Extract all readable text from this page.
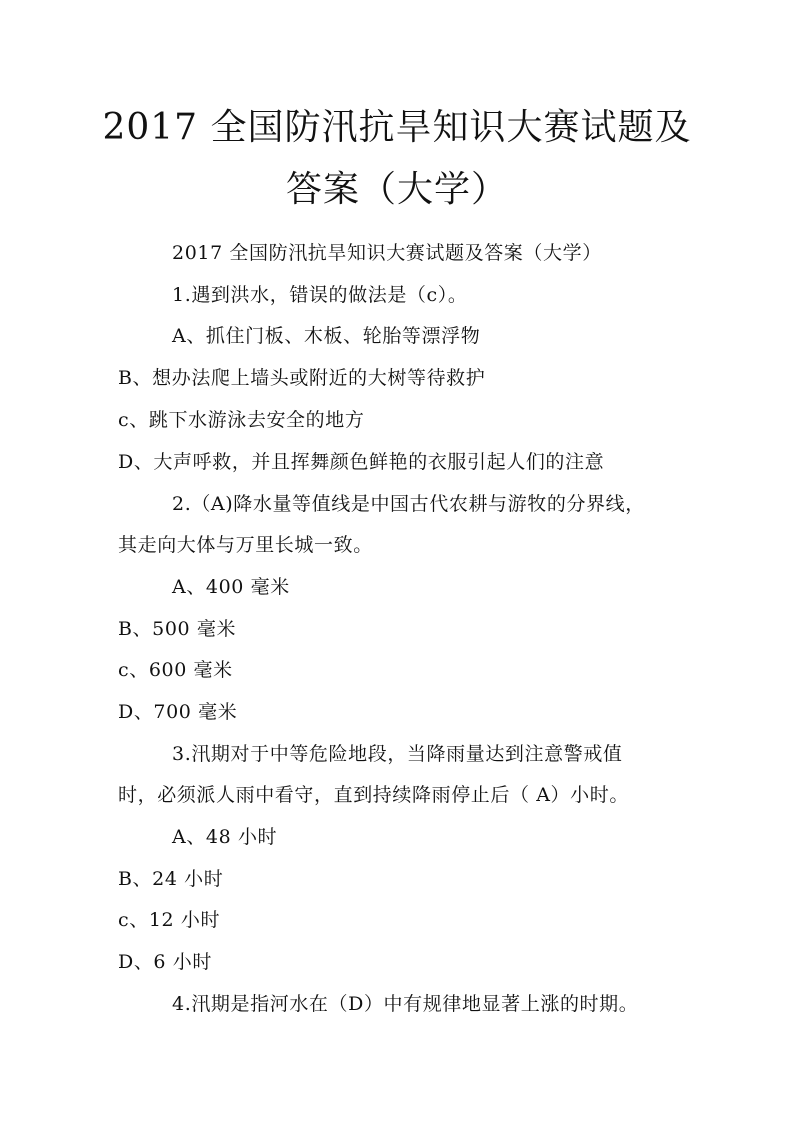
2017 全国防汛抗旱知识大赛试题及
答案（大学）
2017 全国防汛抗旱知识大赛试题及答案（大学）
1.遇到洪水，错误的做法是（c）。
A、抓住门板、木板、轮胎等漂浮物
B、想办法爬上墙头或附近的大树等待救护
c、跳下水游泳去安全的地方
D、大声呼救，并且挥舞颜色鲜艳的衣服引起人们的注意
2.（A)降水量等值线是中国古代农耕与游牧的分界线，
其走向大体与万里长城一致。
A、400 毫米
B、500 毫米
c、600 毫米
D、700 毫米
3.汛期对于中等危险地段，当降雨量达到注意警戒值
时，必须派人雨中看守，直到持续降雨停止后（ A）小时。
A、48 小时
B、24 小时
c、12 小时
D、6 小时
4.汛期是指河水在（D）中有规律地显著上涨的时期。
